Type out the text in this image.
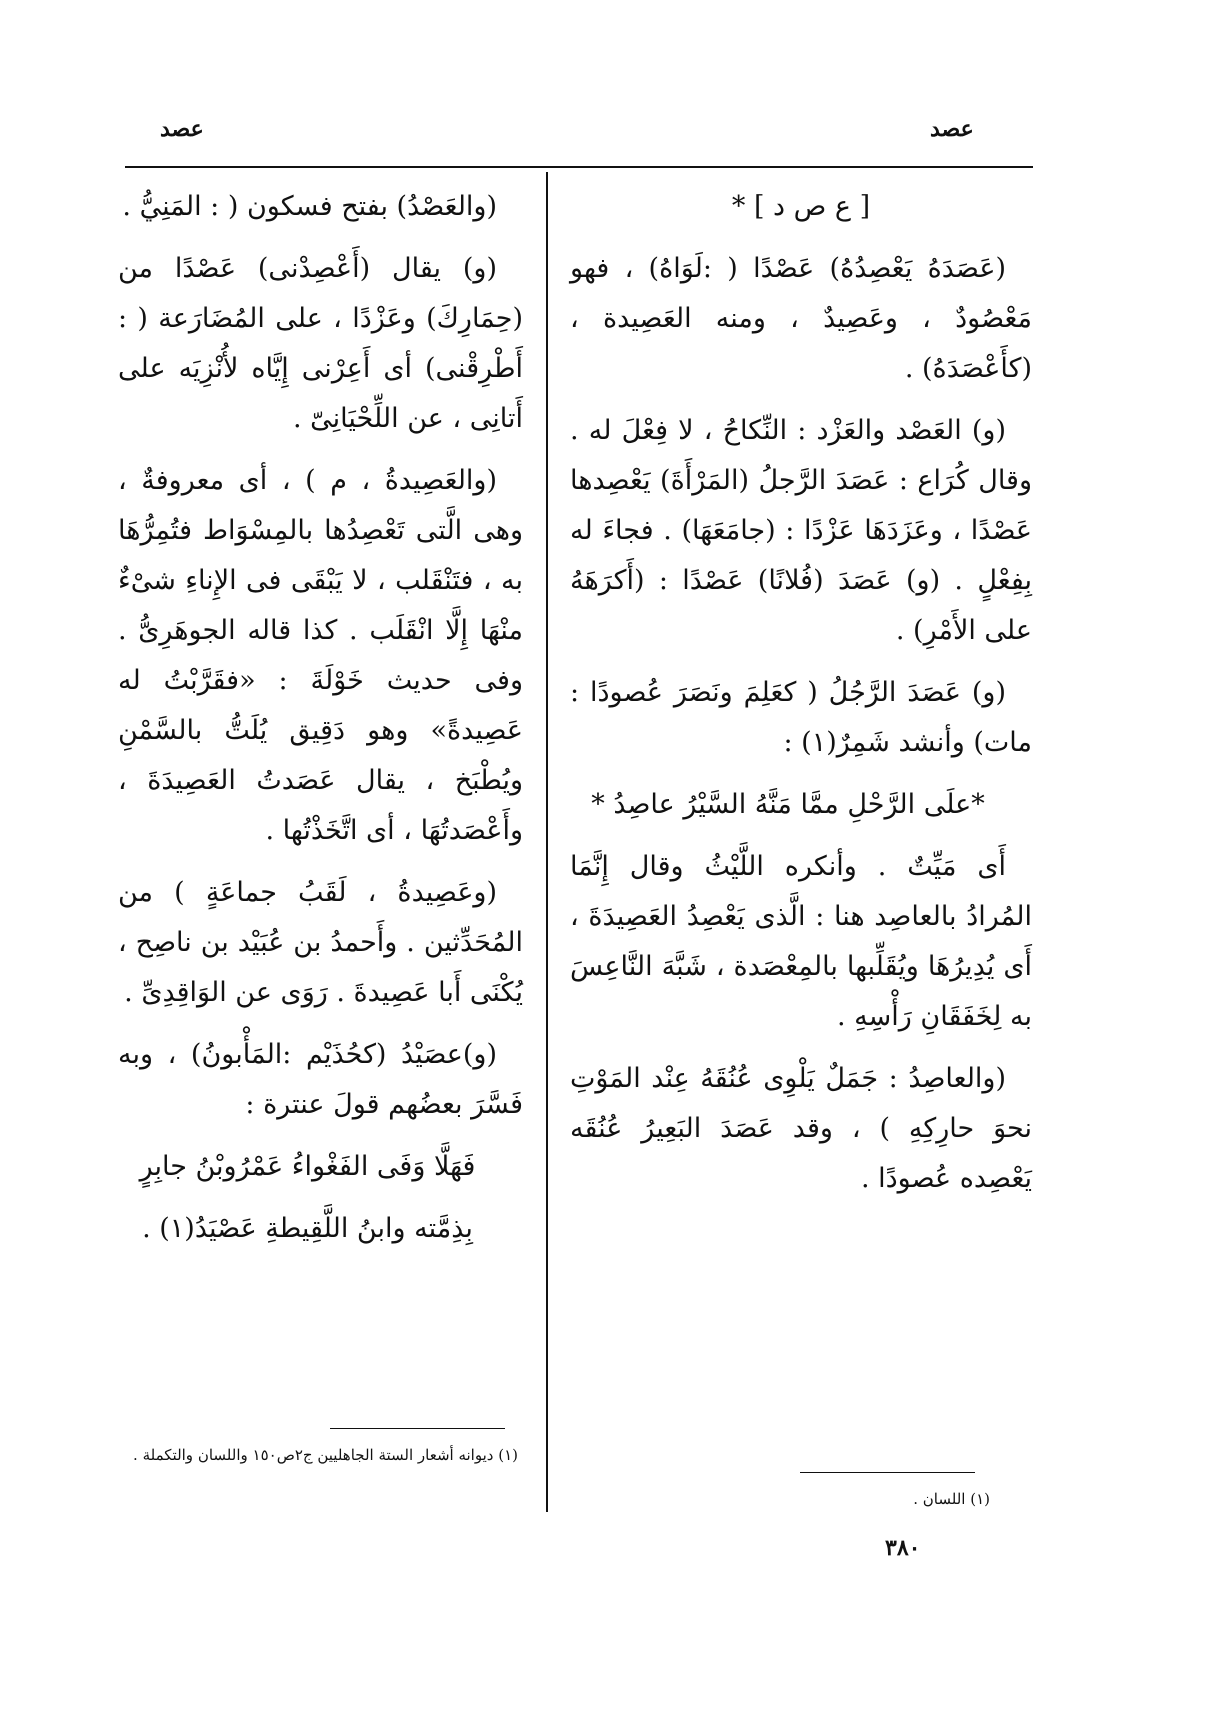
عصد	عصد

[ ع ص د ] *

(عَصَدَهُ يَعْصِدُهُ) عَصْدًا ( :لَوَاهُ) ، فهو مَعْصُودٌ ، وعَصِيدٌ ، ومنه العَصِيدة ، (كأَعْصَدَهُ) .

(و) العَصْد والعَزْد : النِّكاحُ ، لا فِعْلَ له . وقال كُرَاع : عَصَدَ الرَّجلُ (المَرْأَةَ) يَعْصِدها عَصْدًا ، وعَزَدَهَا عَزْدًا : (جامَعَهَا) . فجاءَ له بِفِعْلٍ . (و) عَصَدَ (فُلانًا) عَصْدًا : (أَكرَهَهُ على الأَمْرِ) .

(و) عَصَدَ الرَّجُلُ ( كعَلِمَ ونَصَرَ عُصودًا : مات) وأنشد شَمِرٌ(١) :

*علَى الرَّحْلِ ممَّا مَنَّهُ السَّيْرُ عاصِدُ *

أَى مَيِّتٌ . وأنكره اللَّيْثُ وقال إِنَّمَا المُرادُ بالعاصِد هنا : الَّذى يَعْصِدُ العَصِيدَةَ ، أَى يُدِيرُهَا ويُقَلِّبها بالمِعْصَدة ، شَبَّهَ النَّاعِسَ به لِخَفَقَانِ رَأْسِهِ .

(والعاصِدُ : جَمَلٌ يَلْوِى عُنُقَهُ عِنْد المَوْتِ نحوَ حارِكِهِ ) ، وقد عَصَدَ البَعِيرُ عُنُقَه يَعْصِده عُصودًا .

(والعَصْدُ) بفتح فسكون ( : المَنِيُّ .

(و) يقال (أَعْصِدْنى) عَصْدًا من (حِمَارِكَ) وعَزْدًا ، على المُضَارَعة ( : أَطْرِقْنى) أى أَعِرْنى إِيَّاه لأُنْزِيَه على أَتانِى ، عن اللِّحْيَانِىّ .

(والعَصِيدةُ ، م ) ، أى معروفةٌ ، وهى الَّتى تَعْصِدُها بالمِسْوَاط فتُمِرُّهَا به ، فتَنْقَلب ، لا يَبْقَى فى الإِناءِ شىْءٌ منْهَا إِلَّا انْقَلَب . كذا قاله الجوهَرِىُّ . وفى حديث خَوْلَةَ : «فقَرَّبْتُ له عَصِيدةً» وهو دَقِيق يُلَتُّ بالسَّمْنِ ويُطْبَخ ، يقال عَصَدتُ العَصِيدَةَ ، وأَعْصَدتُهَا ، أى اتَّخَذْتُها .

(وعَصِيدةُ ، لَقَبُ جماعَةٍ ) من المُحَدِّثين . وأَحمدُ بن عُبَيْد بن ناصِح ، يُكْنَى أَبا عَصِيدةَ . رَوَى عن الوَاقِدِىِّ .

(و)عصَيْدُ (كحُذَيْم :المَأْبونُ) ، وبه فَسَّرَ بعضُهم قولَ عنترة :

فَهَلَّا وَفَى الفَغْواءُ عَمْرُوبْنُ جابِرٍ

بِذِمَّته وابنُ اللَّقِيطةِ عَصْيَدُ(١) .

(١) ديوانه أشعار الستة الجاهليين ج٢ص١٥٠ واللسان والتكملة .
(١) اللسان .
٣٨٠
